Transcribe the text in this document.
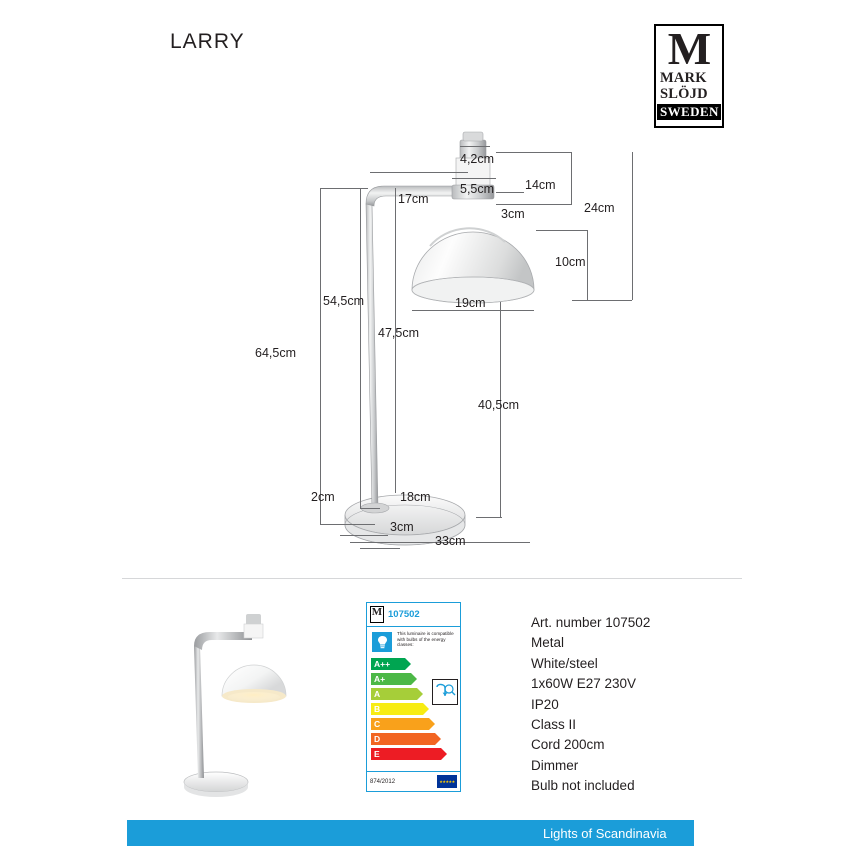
LARRY	M
MARK
SLÖJD
SWEDEN
4,2cm
14cm
5,5cm
17cm
3cm	24cm
10cm
19cm
54,5cm
64,5cm
47,5cm
40,5cm
2cm	18cm
3cm
33cm
M 107502
This luminaire is compatible with bulbs of the energy classes:
A++
A+
A
B
C
D
E
874/2012	★★★★★
Art. number 107502
Metal
White/steel
1x60W E27 230V
IP20
Class II
Cord 200cm
Dimmer
Bulb not included
Lights of Scandinavia
